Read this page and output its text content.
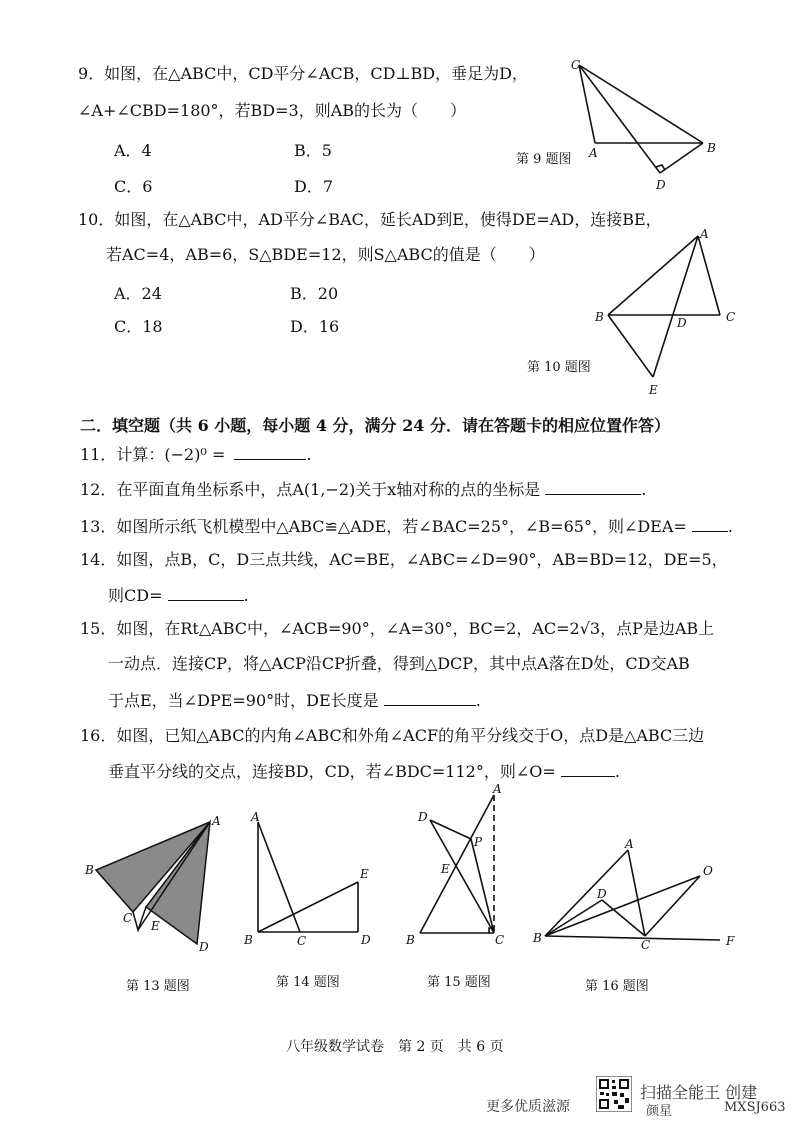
9．如图，在△ABC中，CD平分∠ACB，CD⊥BD，垂足为D，
∠A+∠CBD=180°，若BD=3，则AB的长为（　　）
A．4	B．5
C．6	D．7
C
A	B
D
第 9 题图
10．如图，在△ABC中，AD平分∠BAC，延长AD到E，使得DE=AD，连接BE，
若AC=4，AB=6，S△BDE=12，则S△ABC的值是（　　）
A．24	B．20
C．18	D．16
A
B	D	C
E
第 10 题图
二．填空题（共 6 小题，每小题 4 分，满分 24 分．请在答题卡的相应位置作答）
11．计算：(−2)⁰ =	.
12．在平面直角坐标系中，点A(1,−2)关于x轴对称的点的坐标是	.
13．如图所示纸飞机模型中△ABC≌△ADE，若∠BAC=25°，∠B=65°，则∠DEA=	.
14．如图，点B，C，D三点共线，AC=BE，∠ABC=∠D=90°，AB=BD=12，DE=5，
则CD=	.
15．如图，在Rt△ABC中，∠ACB=90°，∠A=30°，BC=2，AC=2√3，点P是边AB上
一动点．连接CP，将△ACP沿CP折叠，得到△DCP，其中点A落在D处，CD交AB
于点E，当∠DPE=90°时，DE长度是	.
16．如图，已知△ABC的内角∠ABC和外角∠ACF的角平分线交于O，点D是△ABC三边
垂直平分线的交点，连接BD，CD，若∠BDC=112°，则∠O=	.
A
B
C
E
D
A
E
B	C	D
A
D
P
E
B	C
A
O
D
B	C	F
第 13 题图	第 14 题图	第 15 题图	第 16 题图
八年级数学试卷　第 2 页　共 6 页
更多优质滋源
扫描全能王 创建
颜星	MXSJ663
